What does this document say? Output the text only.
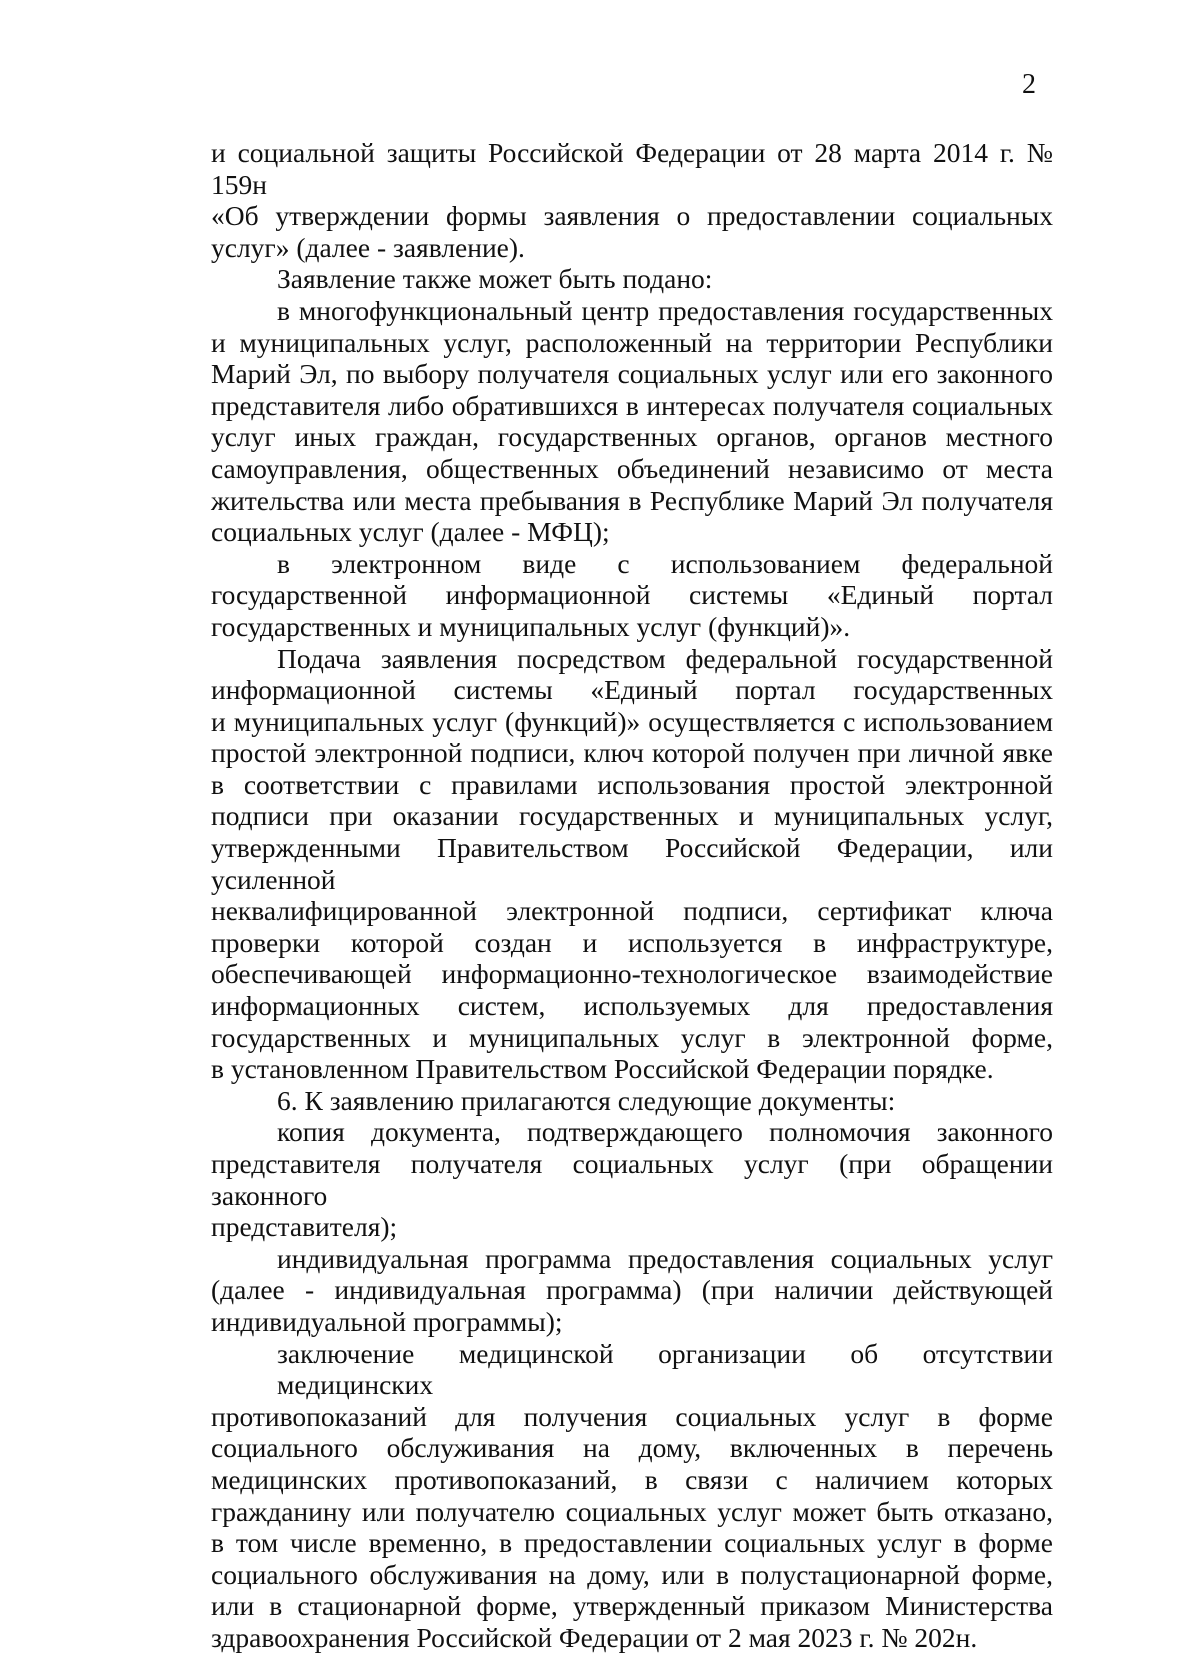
2
и социальной защиты Российской Федерации от 28 марта 2014 г. № 159н
«Об утверждении формы заявления о предоставлении социальных
услуг» (далее - заявление).
Заявление также может быть подано:
в многофункциональный центр предоставления государственных
и муниципальных услуг, расположенный на территории Республики
Марий Эл, по выбору получателя социальных услуг или его законного
представителя либо обратившихся в интересах получателя социальных
услуг иных граждан, государственных органов, органов местного
самоуправления, общественных объединений независимо от места
жительства или места пребывания в Республике Марий Эл получателя
социальных услуг (далее - МФЦ);
в электронном виде с использованием федеральной
государственной информационной системы «Единый портал
государственных и муниципальных услуг (функций)».
Подача заявления посредством федеральной государственной
информационной системы «Единый портал государственных
и муниципальных услуг (функций)» осуществляется с использованием
простой электронной подписи, ключ которой получен при личной явке
в соответствии с правилами использования простой электронной
подписи при оказании государственных и муниципальных услуг,
утвержденными Правительством Российской Федерации, или усиленной
неквалифицированной электронной подписи, сертификат ключа
проверки которой создан и используется в инфраструктуре,
обеспечивающей информационно-технологическое взаимодействие
информационных систем, используемых для предоставления
государственных и муниципальных услуг в электронной форме,
в установленном Правительством Российской Федерации порядке.
6. К заявлению прилагаются следующие документы:
копия документа, подтверждающего полномочия законного
представителя получателя социальных услуг (при обращении законного
представителя);
индивидуальная программа предоставления социальных услуг
(далее - индивидуальная программа) (при наличии действующей
индивидуальной программы);
заключение медицинской организации об отсутствии медицинских
противопоказаний для получения социальных услуг в форме
социального обслуживания на дому, включенных в перечень
медицинских противопоказаний, в связи с наличием которых
гражданину или получателю социальных услуг может быть отказано,
в том числе временно, в предоставлении социальных услуг в форме
социального обслуживания на дому, или в полустационарной форме,
или в стационарной форме, утвержденный приказом Министерства
здравоохранения Российской Федерации от 2 мая 2023 г. № 202н.
